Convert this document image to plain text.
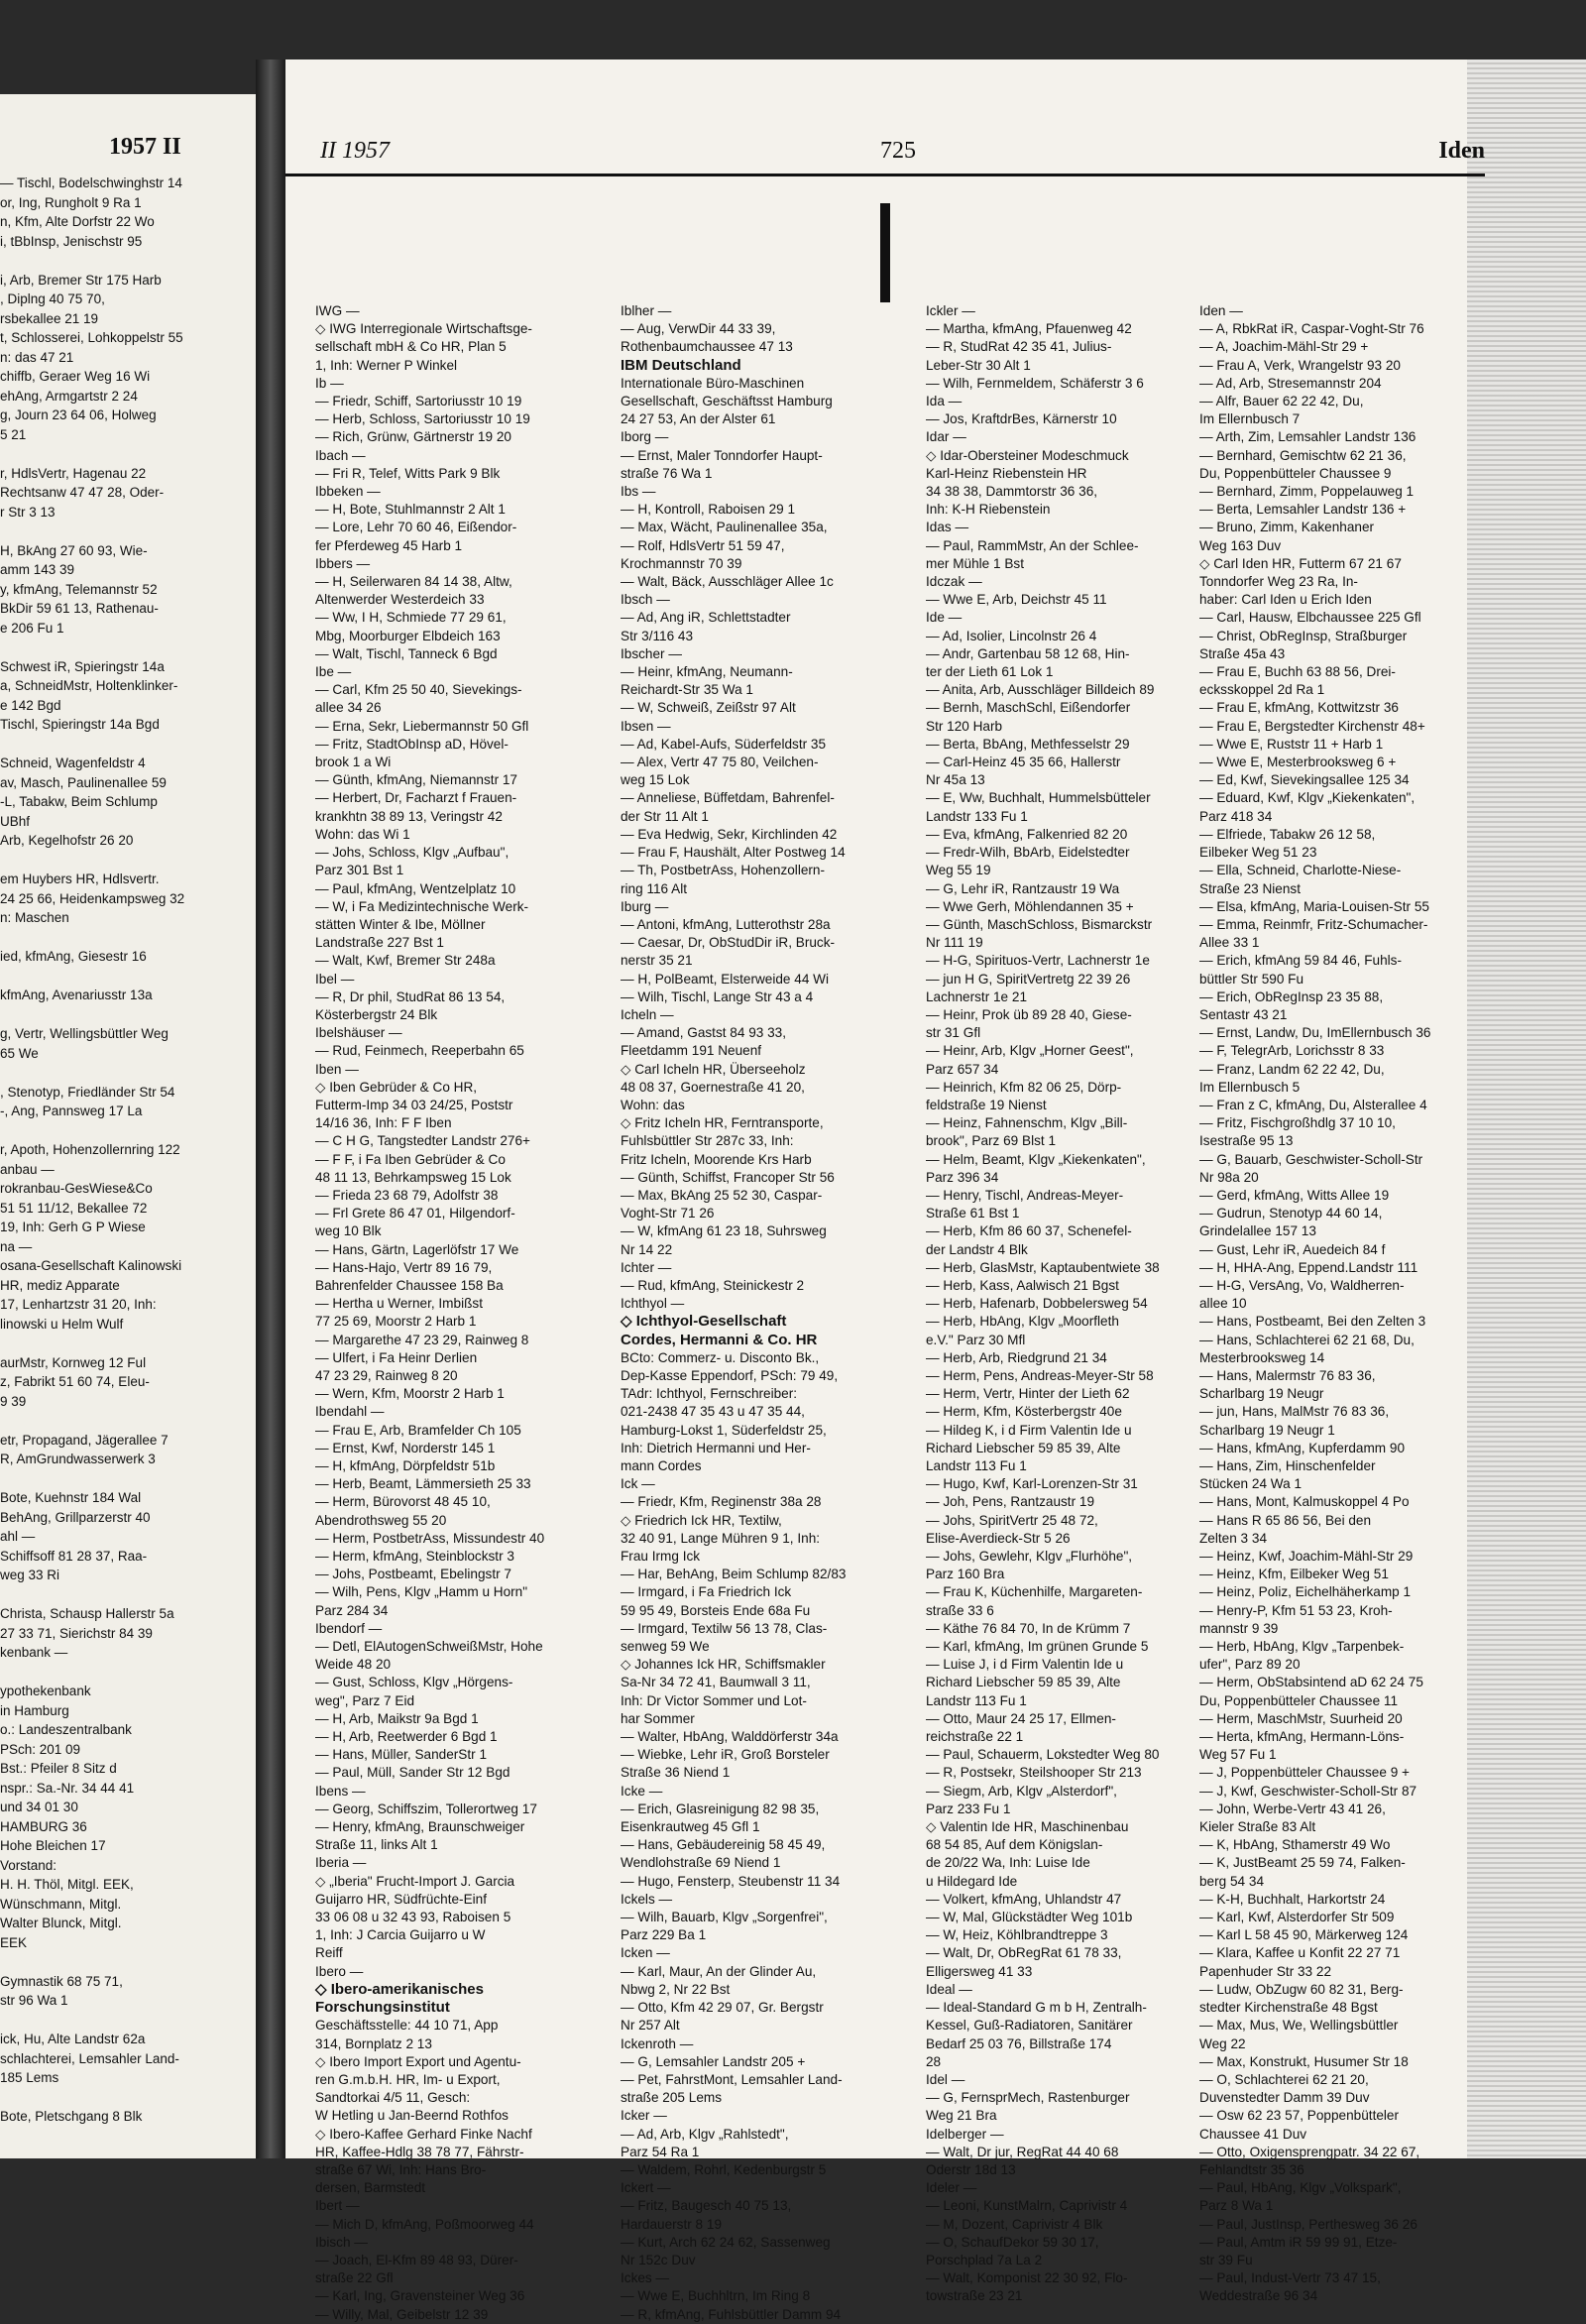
1957 II
— Tischl, Bodelschwinghstr 14
or, Ing, Rungholt 9 Ra 1
n, Kfm, Alte Dorfstr 22 Wo
i, tBbInsp, Jenischstr 95

i, Arb, Bremer Str 175 Harb
, Diplng 40 75 70,
rsbekallee 21 19
t, Schlosserei, Lohkoppelstr 55
n: das 47 21
chiffb, Geraer Weg 16 Wi
ehAng, Armgartstr 2 24
g, Journ 23 64 06, Holweg
5 21

r, HdlsVertr, Hagenau 22
Rechtsanw 47 47 28, Oder-
r Str 3 13

H, BkAng 27 60 93, Wie-
amm 143 39
y, kfmAng, Telemannstr 52
BkDir 59 61 13, Rathenau-
e 206 Fu 1

Schwest iR, Spieringstr 14a
a, SchneidMstr, Holtenklinker-
e 142 Bgd
Tischl, Spieringstr 14a Bgd

Schneid, Wagenfeldstr 4
av, Masch, Paulinenallee 59
-L, Tabakw, Beim Schlump
UBhf
Arb, Kegelhofstr 26 20

em Huybers HR, Hdlsvertr.
24 25 66, Heidenkampsweg 32
n: Maschen

ied, kfmAng, Giesestr 16

kfmAng, Avenariusstr 13a

g, Vertr, Wellingsbüttler Weg
65 We

, Stenotyp, Friedländer Str 54
-, Ang, Pannsweg 17 La

r, Apoth, Hohenzollernring 122
anbau —
rokranbau-GesWiese&Co
51 51 11/12, Bekallee 72
19, Inh: Gerh G P Wiese
na —
osana-Gesellschaft Kalinowski
HR, mediz Apparate
17, Lenhartzstr 31 20, Inh:
linowski u Helm Wulf

aurMstr, Kornweg 12 Ful
z, Fabrikt 51 60 74, Eleu-
9 39

etr, Propagand, Jägerallee 7
R, AmGrundwasserwerk 3

Bote, Kuehnstr 184 Wal
BehAng, Grillparzerstr 40
ahl —
Schiffsoff 81 28 37, Raa-
weg 33 Ri

Christa, Schausp Hallerstr 5a
27 33 71, Sierichstr 84 39
kenbank —

ypothekenbank
in Hamburg
o.: Landeszentralbank
PSch: 201 09
Bst.: Pfeiler 8 Sitz d
nspr.: Sa.-Nr. 34 44 41
und 34 01 30
HAMBURG 36
Hohe Bleichen 17
Vorstand:
H. H. Thöl, Mitgl. EEK,
Wünschmann, Mitgl.
Walter Blunck, Mitgl.
EEK

Gymnastik 68 75 71,
str 96 Wa 1

ick, Hu, Alte Landstr 62a
schlachterei, Lemsahler Land-
185 Lems

Bote, Pletschgang 8 Blk
II 1957	725	Iden
IWG —
◇ IWG Interregionale Wirtschaftsge-
sellschaft mbH & Co HR, Plan 5
1, Inh: Werner P Winkel
Ib —
— Friedr, Schiff, Sartoriusstr 10 19
— Herb, Schloss, Sartoriusstr 10 19
— Rich, Grünw, Gärtnerstr 19 20
Ibach —
— Fri R, Telef, Witts Park 9 Blk
Ibbeken —
— H, Bote, Stuhlmannstr 2 Alt 1
— Lore, Lehr 70 60 46, Eißendor-
fer Pferdeweg 45 Harb 1
Ibbers —
— H, Seilerwaren 84 14 38, Altw,
Altenwerder Westerdeich 33
— Ww, I H, Schmiede 77 29 61,
Mbg, Moorburger Elbdeich 163
— Walt, Tischl, Tanneck 6 Bgd
Ibe —
— Carl, Kfm 25 50 40, Sievekings-
allee 34 26
— Erna, Sekr, Liebermannstr 50 Gfl
— Fritz, StadtObInsp aD, Hövel-
brook 1 a Wi
— Günth, kfmAng, Niemannstr 17
— Herbert, Dr, Facharzt f Frauen-
krankhtn 38 89 13, Veringstr 42
Wohn: das Wi 1
— Johs, Schloss, Klgv „Aufbau",
Parz 301 Bst 1
— Paul, kfmAng, Wentzelplatz 10
— W, i Fa Medizintechnische Werk-
stätten Winter & Ibe, Möllner
Landstraße 227 Bst 1
— Walt, Kwf, Bremer Str 248a
Ibel —
— R, Dr phil, StudRat 86 13 54,
Kösterbergstr 24 Blk
Ibelshäuser —
— Rud, Feinmech, Reeperbahn 65
Iben —
◇ Iben Gebrüder & Co HR,
Futterm-Imp 34 03 24/25, Poststr
14/16 36, Inh: F F Iben
— C H G, Tangstedter Landstr 276+
— F F, i Fa Iben Gebrüder & Co
48 11 13, Behrkampsweg 15 Lok
— Frieda 23 68 79, Adolfstr 38
— Frl Grete 86 47 01, Hilgendorf-
weg 10 Blk
— Hans, Gärtn, Lagerlöfstr 17 We
— Hans-Hajo, Vertr 89 16 79,
Bahrenfelder Chaussee 158 Ba
— Hertha u Werner, Imbißst
77 25 69, Moorstr 2 Harb 1
— Margarethe 47 23 29, Rainweg 8
— Ulfert, i Fa Heinr Derlien
47 23 29, Rainweg 8 20
— Wern, Kfm, Moorstr 2 Harb 1
Ibendahl —
— Frau E, Arb, Bramfelder Ch 105
— Ernst, Kwf, Norderstr 145 1
— H, kfmAng, Dörpfeldstr 51b
— Herb, Beamt, Lämmersieth 25 33
— Herm, Bürovorst 48 45 10,
Abendrothsweg 55 20
— Herm, PostbetrAss, Missundestr 40
— Herm, kfmAng, Steinblockstr 3
— Johs, Postbeamt, Ebelingstr 7
— Wilh, Pens, Klgv „Hamm u Horn"
Parz 284 34
Ibendorf —
— Detl, ElAutogenSchweißMstr, Hohe
Weide 48 20
— Gust, Schloss, Klgv „Hörgens-
weg", Parz 7 Eid
— H, Arb, Maikstr 9a Bgd 1
— H, Arb, Reetwerder 6 Bgd 1
— Hans, Müller, SanderStr 1
— Paul, Müll, Sander Str 12 Bgd
Ibens —
— Georg, Schiffszim, Tollerortweg 17
— Henry, kfmAng, Braunschweiger
Straße 11, links Alt 1
Iberia —
◇ „Iberia" Frucht-Import J. Garcia
Guijarro HR, Südfrüchte-Einf
33 06 08 u 32 43 93, Raboisen 5
1, Inh: J Carcia Guijarro u W
Reiff
Ibero —
◇ Ibero-amerikanisches
Forschungsinstitut
Geschäftsstelle: 44 10 71, App
314, Bornplatz 2 13
◇ Ibero Import Export und Agentu-
ren G.m.b.H. HR, Im- u Export,
Sandtorkai 4/5 11, Gesch:
W Hetling u Jan-Beernd Rothfos
◇ Ibero-Kaffee Gerhard Finke Nachf
HR, Kaffee-Hdlg 38 78 77, Fährstr-
straße 67 Wi, Inh: Hans Bro-
dersen, Barmstedt
Ibert —
— Mich D, kfmAng, Poßmoorweg 44
Ibisch —
— Joach, El-Kfm 89 48 93, Dürer-
straße 22 Gfl
— Karl, Ing, Gravensteiner Weg 36
— Willy, Mal, Geibelstr 12 39
Iblher —
— Aug, VerwDir 44 33 39,
Rothenbaumchaussee 47 13
IBM Deutschland
Internationale Büro-Maschinen
Gesellschaft, Geschäftsst Hamburg
24 27 53, An der Alster 61
Iborg —
— Ernst, Maler Tonndorfer Haupt-
straße 76 Wa 1
Ibs —
— H, Kontroll, Raboisen 29 1
— Max, Wächt, Paulinenallee 35a,
— Rolf, HdlsVertr 51 59 47,
Krochmannstr 70 39
— Walt, Bäck, Ausschläger Allee 1c
Ibsch —
— Ad, Ang iR, Schlettstadter
Str 3/116 43
Ibscher —
— Heinr, kfmAng, Neumann-
Reichardt-Str 35 Wa 1
— W, Schweiß, Zeißstr 97 Alt
Ibsen —
— Ad, Kabel-Aufs, Süderfeldstr 35
— Alex, Vertr 47 75 80, Veilchen-
weg 15 Lok
— Anneliese, Büffetdam, Bahrenfel-
der Str 11 Alt 1
— Eva Hedwig, Sekr, Kirchlinden 42
— Frau F, Haushält, Alter Postweg 14
— Th, PostbetrAss, Hohenzollern-
ring 116 Alt
Iburg —
— Antoni, kfmAng, Lutterothstr 28a
— Caesar, Dr, ObStudDir iR, Bruck-
nerstr 35 21
— H, PolBeamt, Elsterweide 44 Wi
— Wilh, Tischl, Lange Str 43 a 4
Icheln —
— Amand, Gastst 84 93 33,
Fleetdamm 191 Neuenf
◇ Carl Icheln HR, Überseeholz
48 08 37, Goernestraße 41 20,
Wohn: das
◇ Fritz Icheln HR, Ferntransporte,
Fuhlsbüttler Str 287c 33, Inh:
Fritz Icheln, Moorende Krs Harb
— Günth, Schiffst, Francoper Str 56
— Max, BkAng 25 52 30, Caspar-
Voght-Str 71 26
— W, kfmAng 61 23 18, Suhrsweg
Nr 14 22
Ichter —
— Rud, kfmAng, Steinickestr 2
Ichthyol —
◇ Ichthyol-Gesellschaft
Cordes, Hermanni & Co. HR
BCto: Commerz- u. Disconto Bk.,
Dep-Kasse Eppendorf, PSch: 79 49,
TAdr: Ichthyol, Fernschreiber:
021-2438 47 35 43 u 47 35 44,
Hamburg-Lokst 1, Süderfeldstr 25,
Inh: Dietrich Hermanni und Her-
mann Cordes
Ick —
— Friedr, Kfm, Reginenstr 38a 28
◇ Friedrich Ick HR, Textilw,
32 40 91, Lange Mühren 9 1, Inh:
Frau Irmg Ick
— Har, BehAng, Beim Schlump 82/83
— Irmgard, i Fa Friedrich Ick
59 95 49, Borsteis Ende 68a Fu
— Irmgard, Textilw 56 13 78, Clas-
senweg 59 We
◇ Johannes Ick HR, Schiffsmakler
Sa-Nr 34 72 41, Baumwall 3 11,
Inh: Dr Victor Sommer und Lot-
har Sommer
— Walter, HbAng, Walddörferstr 34a
— Wiebke, Lehr iR, Groß Borsteler
Straße 36 Niend 1
Icke —
— Erich, Glasreinigung 82 98 35,
Eisenkrautweg 45 Gfl 1
— Hans, Gebäudereinig 58 45 49,
Wendlohstraße 69 Niend 1
— Hugo, Fensterp, Steubenstr 11 34
Ickels —
— Wilh, Bauarb, Klgv „Sorgenfrei",
Parz 229 Ba 1
Icken —
— Karl, Maur, An der Glinder Au,
Nbwg 2, Nr 22 Bst
— Otto, Kfm 42 29 07, Gr. Bergstr
Nr 257 Alt
Ickenroth —
— G, Lemsahler Landstr 205 +
— Pet, FahrstMont, Lemsahler Land-
straße 205 Lems
Icker —
— Ad, Arb, Klgv „Rahlstedt",
Parz 54 Ra 1
— Waldem, Rohrl, Kedenburgstr 5
Ickert —
— Fritz, Baugesch 40 75 13,
Hardauerstr 8 19
— Kurt, Arch 62 24 62, Sassenweg
Nr 152c Duv
Ickes —
— Wwe E, Buchhltrn, Im Ring 8
— R, kfmAng, Fuhlsbüttler Damm 94
Ickler —
— Martha, kfmAng, Pfauenweg 42
— R, StudRat 42 35 41, Julius-
Leber-Str 30 Alt 1
— Wilh, Fernmeldem, Schäferstr 3 6
Ida —
— Jos, KraftdrBes, Kärnerstr 10
Idar —
◇ Idar-Obersteiner Modeschmuck
Karl-Heinz Riebenstein HR
34 38 38, Dammtorstr 36 36,
Inh: K-H Riebenstein
Idas —
— Paul, RammMstr, An der Schlee-
mer Mühle 1 Bst
Idczak —
— Wwe E, Arb, Deichstr 45 11
Ide —
— Ad, Isolier, Lincolnstr 26 4
— Andr, Gartenbau 58 12 68, Hin-
ter der Lieth 61 Lok 1
— Anita, Arb, Ausschläger Billdeich 89
— Bernh, MaschSchl, Eißendorfer
Str 120 Harb
— Berta, BbAng, Methfesselstr 29
— Carl-Heinz 45 35 66, Hallerstr
Nr 45a 13
— E, Ww, Buchhalt, Hummelsbütteler
Landstr 133 Fu 1
— Eva, kfmAng, Falkenried 82 20
— Fredr-Wilh, BbArb, Eidelstedter
Weg 55 19
— G, Lehr iR, Rantzaustr 19 Wa
— Wwe Gerh, Möhlendannen 35 +
— Günth, MaschSchloss, Bismarckstr
Nr 111 19
— H-G, Spirituos-Vertr, Lachnerstr 1e
— jun H G, SpiritVertretg 22 39 26
Lachnerstr 1e 21
— Heinr, Prok üb 89 28 40, Giese-
str 31 Gfl
— Heinr, Arb, Klgv „Horner Geest",
Parz 657 34
— Heinrich, Kfm 82 06 25, Dörp-
feldstraße 19 Nienst
— Heinz, Fahnenschm, Klgv „Bill-
brook", Parz 69 Blst 1
— Helm, Beamt, Klgv „Kiekenkaten",
Parz 396 34
— Henry, Tischl, Andreas-Meyer-
Straße 61 Bst 1
— Herb, Kfm 86 60 37, Schenefel-
der Landstr 4 Blk
— Herb, GlasMstr, Kaptaubentwiete 38
— Herb, Kass, Aalwisch 21 Bgst
— Herb, Hafenarb, Dobbelersweg 54
— Herb, HbAng, Klgv „Moorfleth
e.V." Parz 30 Mfl
— Herb, Arb, Riedgrund 21 34
— Herm, Pens, Andreas-Meyer-Str 58
— Herm, Vertr, Hinter der Lieth 62
— Herm, Kfm, Kösterbergstr 40e
— Hildeg K, i d Firm Valentin Ide u
Richard Liebscher 59 85 39, Alte
Landstr 113 Fu 1
— Hugo, Kwf, Karl-Lorenzen-Str 31
— Joh, Pens, Rantzaustr 19
— Johs, SpiritVertr 25 48 72,
Elise-Averdieck-Str 5 26
— Johs, Gewlehr, Klgv „Flurhöhe",
Parz 160 Bra
— Frau K, Küchenhilfe, Margareten-
straße 33 6
— Käthe 76 84 70, In de Krümm 7
— Karl, kfmAng, Im grünen Grunde 5
— Luise J, i d Firm Valentin Ide u
Richard Liebscher 59 85 39, Alte
Landstr 113 Fu 1
— Otto, Maur 24 25 17, Ellmen-
reichstraße 22 1
— Paul, Schauerm, Lokstedter Weg 80
— R, Postsekr, Steilshooper Str 213
— Siegm, Arb, Klgv „Alsterdorf",
Parz 233 Fu 1
◇ Valentin Ide HR, Maschinenbau
68 54 85, Auf dem Königslan-
de 20/22 Wa, Inh: Luise Ide
u Hildegard Ide
— Volkert, kfmAng, Uhlandstr 47
— W, Mal, Glückstädter Weg 101b
— W, Heiz, Köhlbrandtreppe 3
— Walt, Dr, ObRegRat 61 78 33,
Elligersweg 41 33
Ideal —
— Ideal-Standard G m b H, Zentralh-
Kessel, Guß-Radiatoren, Sanitärer
Bedarf 25 03 76, Billstraße 174
28
Idel —
— G, FernsprMech, Rastenburger
Weg 21 Bra
Idelberger —
— Walt, Dr jur, RegRat 44 40 68
Oderstr 18d 13
Ideler —
— Leoni, KunstMalrn, Caprivistr 4
— M, Dozent, Caprivistr 4 Blk
— O, SchaufDekor 59 30 17,
Porschplad 7a La 2
— Walt, Komponist 22 30 92, Flo-
towstraße 23 21
Iden —
— A, RbkRat iR, Caspar-Voght-Str 76
— A, Joachim-Mähl-Str 29 +
— Frau A, Verk, Wrangelstr 93 20
— Ad, Arb, Stresemannstr 204
— Alfr, Bauer 62 22 42, Du,
Im Ellernbusch 7
— Arth, Zim, Lemsahler Landstr 136
— Bernhard, Gemischtw 62 21 36,
Du, Poppenbütteler Chaussee 9
— Bernhard, Zimm, Poppelauweg 1
— Berta, Lemsahler Landstr 136 +
— Bruno, Zimm, Kakenhaner
Weg 163 Duv
◇ Carl Iden HR, Futterm 67 21 67
Tonndorfer Weg 23 Ra, In-
haber: Carl Iden u Erich Iden
— Carl, Hausw, Elbchaussee 225 Gfl
— Christ, ObRegInsp, Straßburger
Straße 45a 43
— Frau E, Buchh 63 88 56, Drei-
ecksskoppel 2d Ra 1
— Frau E, kfmAng, Kottwitzstr 36
— Frau E, Bergstedter Kirchenstr 48+
— Wwe E, Ruststr 11 + Harb 1
— Wwe E, Mesterbrooksweg 6 +
— Ed, Kwf, Sievekingsallee 125 34
— Eduard, Kwf, Klgv „Kiekenkaten",
Parz 418 34
— Elfriede, Tabakw 26 12 58,
Eilbeker Weg 51 23
— Ella, Schneid, Charlotte-Niese-
Straße 23 Nienst
— Elsa, kfmAng, Maria-Louisen-Str 55
— Emma, Reinmfr, Fritz-Schumacher-
Allee 33 1
— Erich, kfmAng 59 84 46, Fuhls-
büttler Str 590 Fu
— Erich, ObRegInsp 23 35 88,
Sentastr 43 21
— Ernst, Landw, Du, ImEllernbusch 36
— F, TelegrArb, Lorichsstr 8 33
— Franz, Landm 62 22 42, Du,
Im Ellernbusch 5
— Fran z C, kfmAng, Du, Alsterallee 4
— Fritz, Fischgroßhdlg 37 10 10,
Isestraße 95 13
— G, Bauarb, Geschwister-Scholl-Str
Nr 98a 20
— Gerd, kfmAng, Witts Allee 19
— Gudrun, Stenotyp 44 60 14,
Grindelallee 157 13
— Gust, Lehr iR, Auedeich 84 f
— H, HHA-Ang, Eppend.Landstr 111
— H-G, VersAng, Vo, Waldherren-
allee 10
— Hans, Postbeamt, Bei den Zelten 3
— Hans, Schlachterei 62 21 68, Du,
Mesterbrooksweg 14
— Hans, Malermstr 76 83 36,
Scharlbarg 19 Neugr
— jun, Hans, MalMstr 76 83 36,
Scharlbarg 19 Neugr 1
— Hans, kfmAng, Kupferdamm 90
— Hans, Zim, Hinschenfelder
Stücken 24 Wa 1
— Hans, Mont, Kalmuskoppel 4 Po
— Hans R 65 86 56, Bei den
Zelten 3 34
— Heinz, Kwf, Joachim-Mähl-Str 29
— Heinz, Kfm, Eilbeker Weg 51
— Heinz, Poliz, Eichelhäherkamp 1
— Henry-P, Kfm 51 53 23, Kroh-
mannstr 9 39
— Herb, HbAng, Klgv „Tarpenbek-
ufer", Parz 89 20
— Herm, ObStabsintend aD 62 24 75
Du, Poppenbütteler Chaussee 11
— Herm, MaschMstr, Suurheid 20
— Herta, kfmAng, Hermann-Löns-
Weg 57 Fu 1
— J, Poppenbütteler Chaussee 9 +
— J, Kwf, Geschwister-Scholl-Str 87
— John, Werbe-Vertr 43 41 26,
Kieler Straße 83 Alt
— K, HbAng, Sthamerstr 49 Wo
— K, JustBeamt 25 59 74, Falken-
berg 54 34
— K-H, Buchhalt, Harkortstr 24
— Karl, Kwf, Alsterdorfer Str 509
— Karl L 58 45 90, Märkerweg 124
— Klara, Kaffee u Konfit 22 27 71
Papenhuder Str 33 22
— Ludw, ObZugw 60 82 31, Berg-
stedter Kirchenstraße 48 Bgst
— Max, Mus, We, Wellingsbüttler
Weg 22
— Max, Konstrukt, Husumer Str 18
— O, Schlachterei 62 21 20,
Duvenstedter Damm 39 Duv
— Osw 62 23 57, Poppenbütteler
Chaussee 41 Duv
— Otto, Oxigensprengpatr. 34 22 67,
Fehlandtstr 35 36
— Paul, HbAng, Klgv „Volkspark",
Parz 8 Wa 1
— Paul, JustInsp, Perthesweg 36 26
— Paul, Amtm iR 59 99 91, Etze-
str 39 Fu
— Paul, Indust-Vertr 73 47 15,
Weddestraße 96 34
